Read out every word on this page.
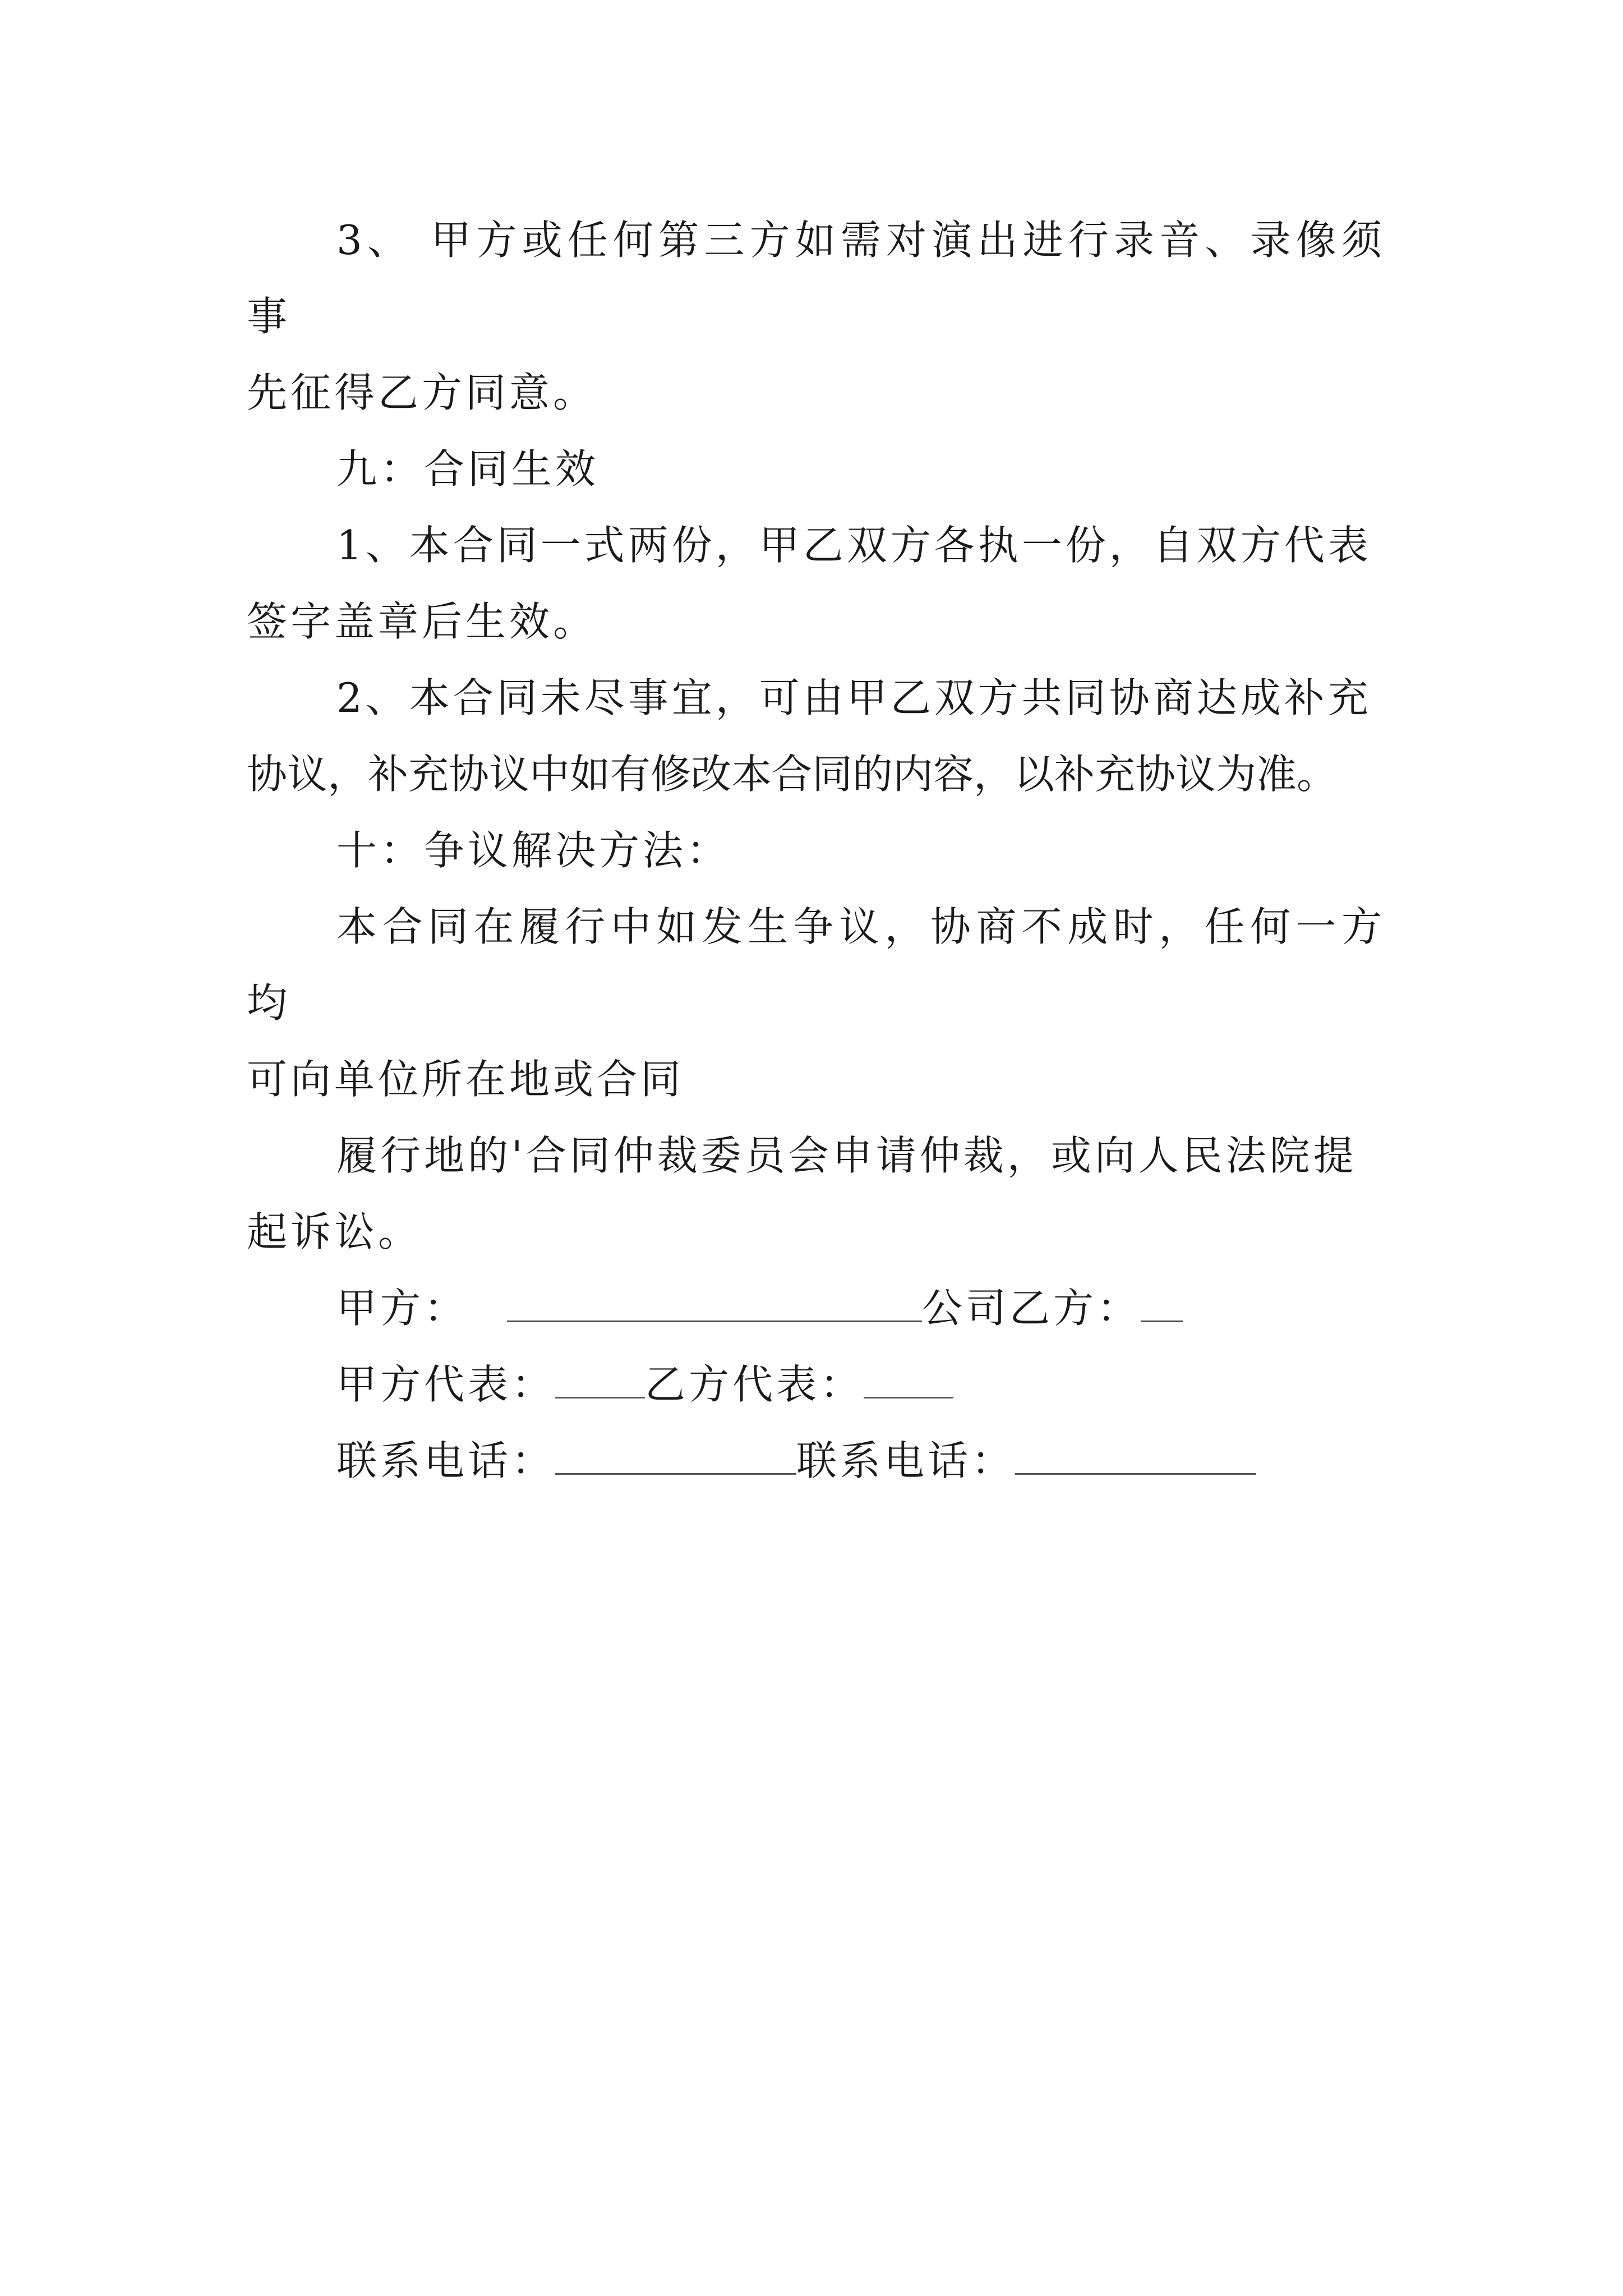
3、 甲方或任何第三方如需对演出进行录音、录像须事

先征得乙方同意。

九：合同生效

1、本合同一式两份，甲乙双方各执一份，自双方代表

签字盖章后生效。

2、本合同未尽事宜，可由甲乙双方共同协商达成补充

协议，补充协议中如有修改本合同的内容，以补充协议为准。

十：争议解决方法：

本合同在履行中如发生争议，协商不成时，任何一方均

可向单位所在地或合同

履行地的'合同仲裁委员会申请仲裁，或向人民法院提

起诉讼。

甲方：	公司乙方：

甲方代表： 乙方代表：

联系电话：	联系电话：
